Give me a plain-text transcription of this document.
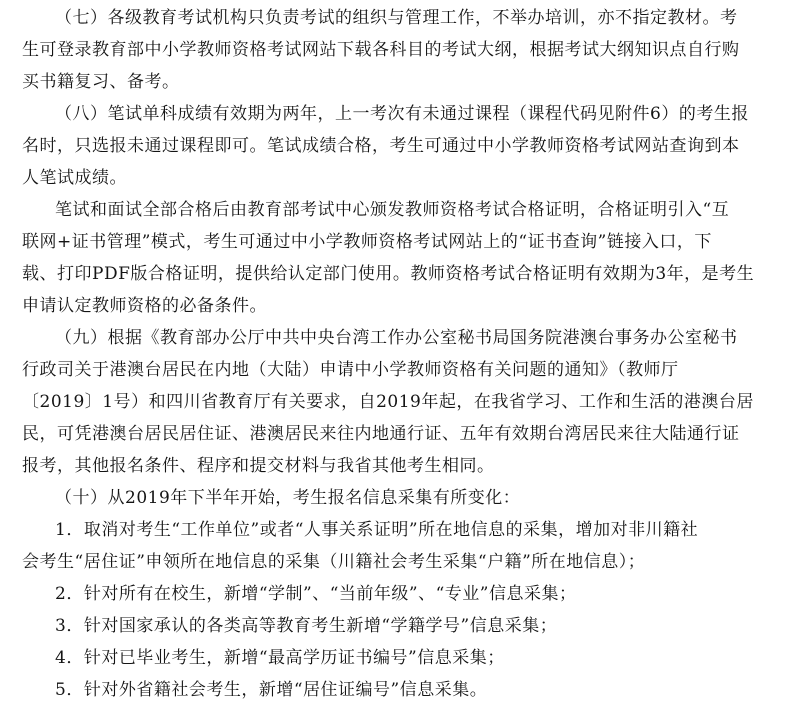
（七）各级教育考试机构只负责考试的组织与管理工作，不举办培训，亦不指定教材。考
生可登录教育部中小学教师资格考试网站下载各科目的考试大纲，根据考试大纲知识点自行购
买书籍复习、备考。
（八）笔试单科成绩有效期为两年，上一考次有未通过课程（课程代码见附件6）的考生报
名时，只选报未通过课程即可。笔试成绩合格，考生可通过中小学教师资格考试网站查询到本
人笔试成绩。
笔试和面试全部合格后由教育部考试中心颁发教师资格考试合格证明，合格证明引入“互
联网+证书管理”模式，考生可通过中小学教师资格考试网站上的“证书查询”链接入口，下
载、打印PDF版合格证明，提供给认定部门使用。教师资格考试合格证明有效期为3年，是考生
申请认定教师资格的必备条件。
（九）根据《教育部办公厅中共中央台湾工作办公室秘书局国务院港澳台事务办公室秘书
行政司关于港澳台居民在内地（大陆）申请中小学教师资格有关问题的通知》（教师厅
〔2019〕1号）和四川省教育厅有关要求，自2019年起，在我省学习、工作和生活的港澳台居
民，可凭港澳台居民居住证、港澳居民来往内地通行证、五年有效期台湾居民来往大陆通行证
报考，其他报名条件、程序和提交材料与我省其他考生相同。
（十）从2019年下半年开始，考生报名信息采集有所变化：
1．取消对考生“工作单位”或者“人事关系证明”所在地信息的采集，增加对非川籍社
会考生“居住证”申领所在地信息的采集（川籍社会考生采集“户籍”所在地信息）；
2．针对所有在校生，新增“学制”、“当前年级”、“专业”信息采集；
3．针对国家承认的各类高等教育考生新增“学籍学号”信息采集；
4．针对已毕业考生，新增“最高学历证书编号”信息采集；
5．针对外省籍社会考生，新增“居住证编号”信息采集。
